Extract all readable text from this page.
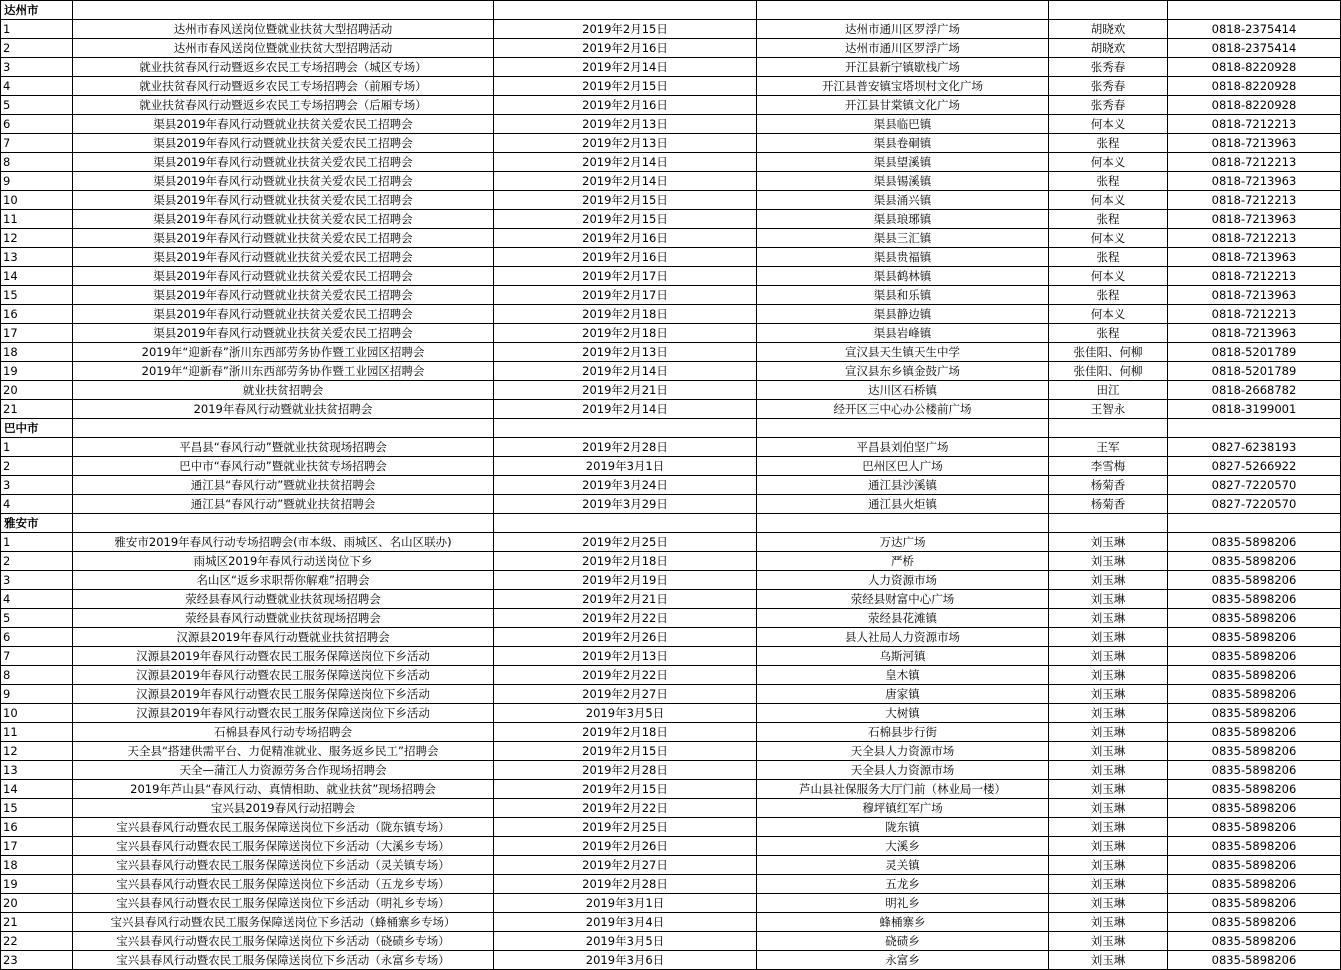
达州市					
1	达州市春风送岗位暨就业扶贫大型招聘活动	2019年2月15日	达州市通川区罗浮广场	胡晓欢	0818-2375414
2	达州市春风送岗位暨就业扶贫大型招聘活动	2019年2月16日	达州市通川区罗浮广场	胡晓欢	0818-2375414
3	就业扶贫春风行动暨返乡农民工专场招聘会（城区专场）	2019年2月14日	开江县新宁镇歇栈广场	张秀春	0818-8220928
4	就业扶贫春风行动暨返乡农民工专场招聘会（前厢专场）	2019年2月15日	开江县普安镇宝塔坝村文化广场	张秀春	0818-8220928
5	就业扶贫春风行动暨返乡农民工专场招聘会（后厢专场）	2019年2月16日	开江县甘棠镇文化广场	张秀春	0818-8220928
6	渠县2019年春风行动暨就业扶贫关爱农民工招聘会	2019年2月13日	渠县临巴镇	何本义	0818-7212213
7	渠县2019年春风行动暨就业扶贫关爱农民工招聘会	2019年2月13日	渠县卷硐镇	张程	0818-7213963
8	渠县2019年春风行动暨就业扶贫关爱农民工招聘会	2019年2月14日	渠县望溪镇	何本义	0818-7212213
9	渠县2019年春风行动暨就业扶贫关爱农民工招聘会	2019年2月14日	渠县锡溪镇	张程	0818-7213963
10	渠县2019年春风行动暨就业扶贫关爱农民工招聘会	2019年2月15日	渠县涌兴镇	何本义	0818-7212213
11	渠县2019年春风行动暨就业扶贫关爱农民工招聘会	2019年2月15日	渠县琅琊镇	张程	0818-7213963
12	渠县2019年春风行动暨就业扶贫关爱农民工招聘会	2019年2月16日	渠县三汇镇	何本义	0818-7212213
13	渠县2019年春风行动暨就业扶贫关爱农民工招聘会	2019年2月16日	渠县贵福镇	张程	0818-7213963
14	渠县2019年春风行动暨就业扶贫关爱农民工招聘会	2019年2月17日	渠县鹤林镇	何本义	0818-7212213
15	渠县2019年春风行动暨就业扶贫关爱农民工招聘会	2019年2月17日	渠县和乐镇	张程	0818-7213963
16	渠县2019年春风行动暨就业扶贫关爱农民工招聘会	2019年2月18日	渠县静边镇	何本义	0818-7212213
17	渠县2019年春风行动暨就业扶贫关爱农民工招聘会	2019年2月18日	渠县岩峰镇	张程	0818-7213963
18	2019年“迎新春”浙川东西部劳务协作暨工业园区招聘会	2019年2月13日	宣汉县天生镇天生中学	张佳阳、何柳	0818-5201789
19	2019年“迎新春”浙川东西部劳务协作暨工业园区招聘会	2019年2月14日	宣汉县东乡镇金鼓广场	张佳阳、何柳	0818-5201789
20	就业扶贫招聘会	2019年2月21日	达川区石桥镇	田江	0818-2668782
21	2019年春风行动暨就业扶贫招聘会	2019年2月14日	经开区三中心办公楼前广场	王智永	0818-3199001
巴中市					
1	平昌县“春风行动”暨就业扶贫现场招聘会	2019年2月28日	平昌县刘伯坚广场	王军	0827-6238193
2	巴中市“春风行动”暨就业扶贫专场招聘会	2019年3月1日	巴州区巴人广场	李雪梅	0827-5266922
3	通江县“春风行动”暨就业扶贫招聘会	2019年3月24日	通江县沙溪镇	杨菊香	0827-7220570
4	通江县“春风行动”暨就业扶贫招聘会	2019年3月29日	通江县火炬镇	杨菊香	0827-7220570
雅安市					
1	雅安市2019年春风行动专场招聘会(市本级、雨城区、名山区联办)	2019年2月25日	万达广场	刘玉琳	0835-5898206
2	雨城区2019年春风行动送岗位下乡	2019年2月18日	严桥	刘玉琳	0835-5898206
3	名山区“返乡求职帮你解难”招聘会	2019年2月19日	人力资源市场	刘玉琳	0835-5898206
4	荥经县春风行动暨就业扶贫现场招聘会	2019年2月21日	荥经县财富中心广场	刘玉琳	0835-5898206
5	荥经县春风行动暨就业扶贫现场招聘会	2019年2月22日	荥经县花滩镇	刘玉琳	0835-5898206
6	汉源县2019年春风行动暨就业扶贫招聘会	2019年2月26日	县人社局人力资源市场	刘玉琳	0835-5898206
7	汉源县2019年春风行动暨农民工服务保障送岗位下乡活动	2019年2月13日	乌斯河镇	刘玉琳	0835-5898206
8	汉源县2019年春风行动暨农民工服务保障送岗位下乡活动	2019年2月22日	皇木镇	刘玉琳	0835-5898206
9	汉源县2019年春风行动暨农民工服务保障送岗位下乡活动	2019年2月27日	唐家镇	刘玉琳	0835-5898206
10	汉源县2019年春风行动暨农民工服务保障送岗位下乡活动	2019年3月5日	大树镇	刘玉琳	0835-5898206
11	石棉县春风行动专场招聘会	2019年2月18日	石棉县步行街	刘玉琳	0835-5898206
12	天全县“搭建供需平台、力促精准就业、服务返乡民工”招聘会	2019年2月15日	天全县人力资源市场	刘玉琳	0835-5898206
13	天全—蒲江人力资源劳务合作现场招聘会	2019年2月28日	天全县人力资源市场	刘玉琳	0835-5898206
14	2019年芦山县“春风行动、真情相助、就业扶贫”现场招聘会	2019年2月15日	芦山县社保服务大厅门前（林业局一楼）	刘玉琳	0835-5898206
15	宝兴县2019春风行动招聘会	2019年2月22日	穆坪镇红军广场	刘玉琳	0835-5898206
16	宝兴县春风行动暨农民工服务保障送岗位下乡活动（陇东镇专场）	2019年2月25日	陇东镇	刘玉琳	0835-5898206
17	宝兴县春风行动暨农民工服务保障送岗位下乡活动（大溪乡专场）	2019年2月26日	大溪乡	刘玉琳	0835-5898206
18	宝兴县春风行动暨农民工服务保障送岗位下乡活动（灵关镇专场）	2019年2月27日	灵关镇	刘玉琳	0835-5898206
19	宝兴县春风行动暨农民工服务保障送岗位下乡活动（五龙乡专场）	2019年2月28日	五龙乡	刘玉琳	0835-5898206
20	宝兴县春风行动暨农民工服务保障送岗位下乡活动（明礼乡专场）	2019年3月1日	明礼乡	刘玉琳	0835-5898206
21	宝兴县春风行动暨农民工服务保障送岗位下乡活动（蜂桶寨乡专场）	2019年3月4日	蜂桶寨乡	刘玉琳	0835-5898206
22	宝兴县春风行动暨农民工服务保障送岗位下乡活动（硗碛乡专场）	2019年3月5日	硗碛乡	刘玉琳	0835-5898206
23	宝兴县春风行动暨农民工服务保障送岗位下乡活动（永富乡专场）	2019年3月6日	永富乡	刘玉琳	0835-5898206
